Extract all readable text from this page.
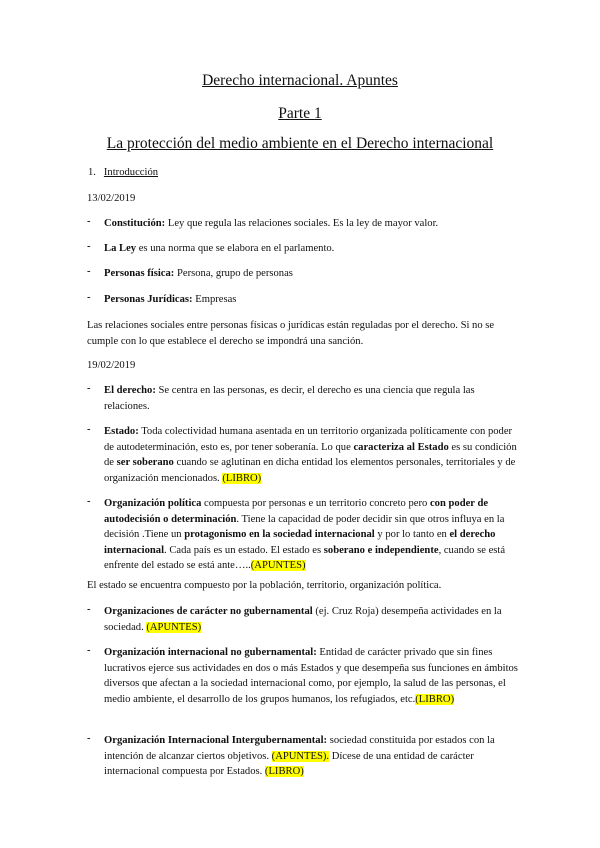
Derecho internacional. Apuntes
Parte 1
La protección del medio ambiente en el Derecho internacional
1. Introducción
13/02/2019
- Constitución: Ley que regula las relaciones sociales. Es la ley de mayor valor.
- La Ley es una norma que se elabora en el parlamento.
- Personas física: Persona, grupo de personas
- Personas Jurídicas: Empresas
Las relaciones sociales entre personas físicas o jurídicas están reguladas por el derecho. Si no se cumple con lo que establece el derecho se impondrá una sanción.
19/02/2019
- El derecho: Se centra en las personas, es decir, el derecho es una ciencia que regula las relaciones.
- Estado: Toda colectividad humana asentada en un territorio organizada políticamente con poder de autodeterminación, esto es, por tener soberanía. Lo que caracteriza al Estado es su condición de ser soberano cuando se aglutinan en dicha entidad los elementos personales, territoriales y de organización mencionados. (LIBRO)
- Organización política compuesta por personas e un territorio concreto pero con poder de autodecisión o determinación. Tiene la capacidad de poder decidir sin que otros influya en la decisión .Tiene un protagonismo en la sociedad internacional y por lo tanto en el derecho internacional. Cada país es un estado. El estado es soberano e independiente, cuando se está enfrente del estado se está ante…..(APUNTES)
El estado se encuentra compuesto por la población, territorio, organización política.
- Organizaciones de carácter no gubernamental (ej. Cruz Roja) desempeña actividades en la sociedad. (APUNTES)
- Organización internacional no gubernamental: Entidad de carácter privado que sin fines lucrativos ejerce sus actividades en dos o más Estados y que desempeña sus funciones en ámbitos diversos que afectan a la sociedad internacional como, por ejemplo, la salud de las personas, el medio ambiente, el desarrollo de los grupos humanos, los refugiados, etc.(LIBRO)
- Organización Internacional Intergubernamental: sociedad constituida por estados con la intención de alcanzar ciertos objetivos. (APUNTES). Dícese de una entidad de carácter internacional compuesta por Estados. (LIBRO)
